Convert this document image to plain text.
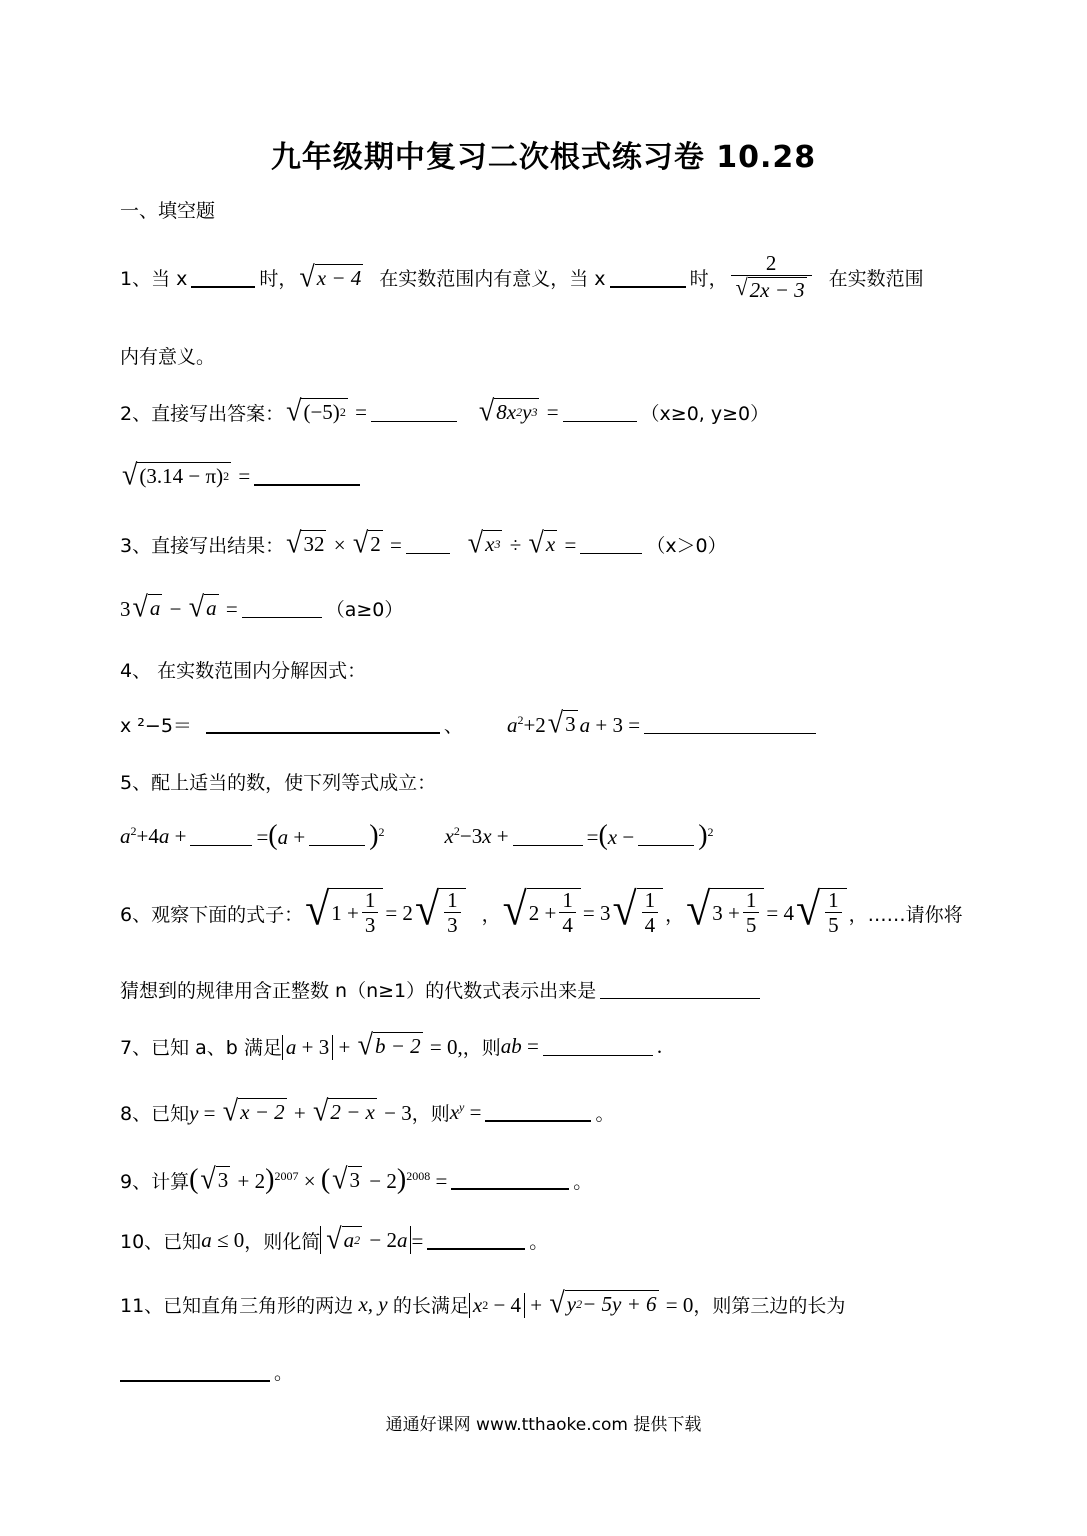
九年级期中复习二次根式练习卷 10.28
一、填空题
1、当 x	时， √ x − 4 在实数范围内有意义，当 x	时， $\frac{2}{√ 2x - 3}$ 在实数范围
内有意义。
2、直接写出答案： √ (−5) 2 =	√ 8x 2 y 3 =	（x≥0, y≥0）
√ (3.14 − π) 2 =
3、直接写出结果： √ 32 × √ 2 = √ x 3 ÷ √ x =	（x＞0）
3 √ a − √ a =	（a≥0）
4、 在实数范围内分解因式：
x ²−5＝	、 $a^2+2$ √ 3 a + 3 =
5、配上适当的数，使下列等式成立：
$a^2+4a$ +	$=(a + )^2$	$x^2-3x$ +	$=(x - )^2$
6、观察下面的式子： √ $1 + \frac{1}{3} = 2$ √ $\frac{1}{3}$ ， √ $2 + \frac{1}{4} = 3$ √ $\frac{1}{4}$ ， √ $3 + \frac{1}{5} = 4$ √ $\frac{1}{5}$ ，……请你将
猜想到的规律用含正整数 n（n≥1）的代数式表示出来是
7、已知 a、b 满足 a + 3 + √ b − 2 = 0, ，则 ab =	.
8、已知 y = √ x − 2 + √ 2 − x − 3 ，则 $x^y$ =	。
9、计算 ( √ 3 + 2)$^{2007}$ × ( √ 3 − 2)$^{2008}$ =	。
10、已知 a ≤ 0 ，则化简 √ a 2 − 2 a =	。
11、已知直角三角形的两边 x, y 的长满足 x 2 − 4 + √ y 2 − 5y + 6 = 0 ，则第三边的长为
。
通通好课网 www.tthaoke.com 提供下载
